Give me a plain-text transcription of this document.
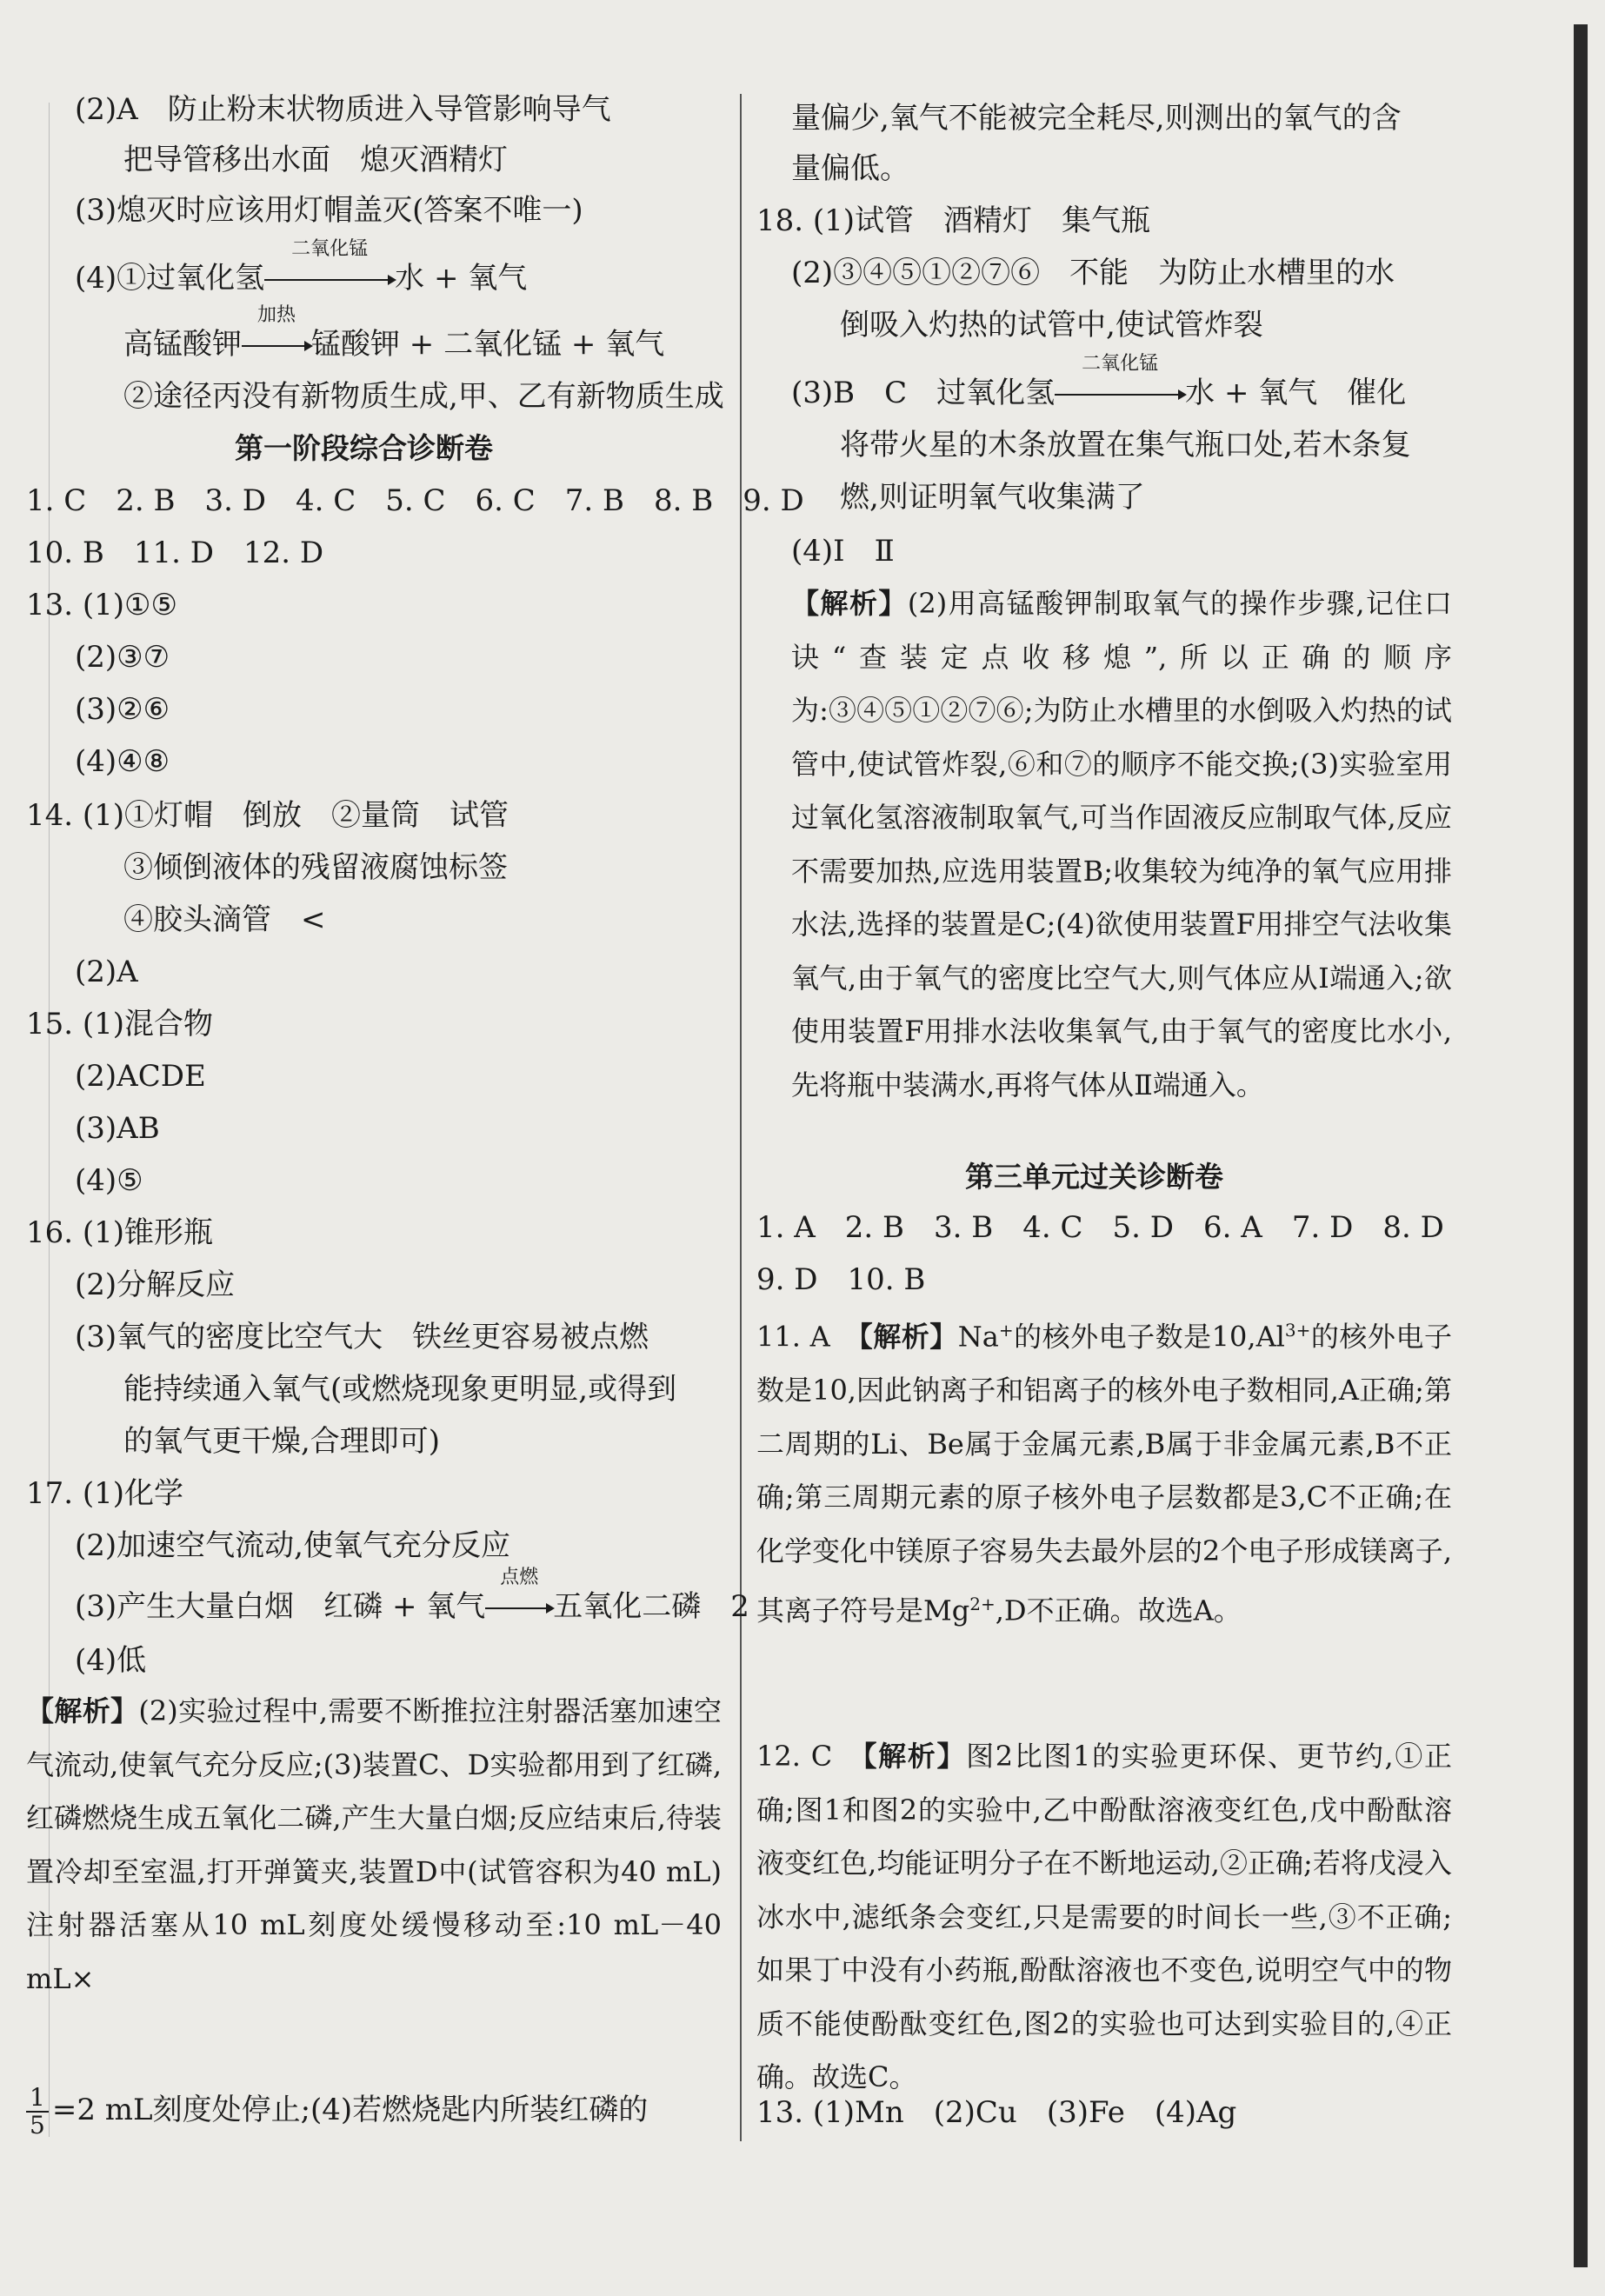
(2)A　防止粉末状物质进入导管影响导气
把导管移出水面　熄灭酒精灯
(3)熄灭时应该用灯帽盖灭(答案不唯一)
(4)①过氧化氢
二氧化锰
水 + 氧气
高锰酸钾
加热
锰酸钾 + 二氧化锰 + 氧气
②途径丙没有新物质生成,甲、乙有新物质生成
第一阶段综合诊断卷
1. C　2. B　3. D　4. C　5. C　6. C　7. B　8. B　9. D
10. B　11. D　12. D
13. (1)①⑤
(2)③⑦
(3)②⑥
(4)④⑧
14. (1)①灯帽　倒放　②量筒　试管
③倾倒液体的残留液腐蚀标签
④胶头滴管　<
(2)A
15. (1)混合物
(2)ACDE
(3)AB
(4)⑤
16. (1)锥形瓶
(2)分解反应
(3)氧气的密度比空气大　铁丝更容易被点燃
能持续通入氧气(或燃烧现象更明显,或得到
的氧气更干燥,合理即可)
17. (1)化学
(2)加速空气流动,使氧气充分反应
(3)产生大量白烟　红磷 + 氧气
点燃
五氧化二磷　2
(4)低
【解析】(2)实验过程中,需要不断推拉注射器活塞加速空气流动,使氧气充分反应;(3)装置C、D实验都用到了红磷,红磷燃烧生成五氧化二磷,产生大量白烟;反应结束后,待装置冷却至室温,打开弹簧夹,装置D中(试管容积为40 mL)注射器活塞从10 mL刻度处缓慢移动至:10 mL－40 mL×
$\frac{1}{5} =2$ mL刻度处停止;(4)若燃烧匙内所装红磷的
量偏少,氧气不能被完全耗尽,则测出的氧气的含
量偏低。
18. (1)试管　酒精灯　集气瓶
(2)③④⑤①②⑦⑥　不能　为防止水槽里的水
倒吸入灼热的试管中,使试管炸裂
(3)B　C　过氧化氢
二氧化锰
水 + 氧气　催化
将带火星的木条放置在集气瓶口处,若木条复
燃,则证明氧气收集满了
(4)Ⅰ　Ⅱ
【解析】(2)用高锰酸钾制取氧气的操作步骤,记住口诀“查装定点收移熄”,所以正确的顺序为:③④⑤①②⑦⑥;为防止水槽里的水倒吸入灼热的试管中,使试管炸裂,⑥和⑦的顺序不能交换;(3)实验室用过氧化氢溶液制取氧气,可当作固液反应制取气体,反应不需要加热,应选用装置B;收集较为纯净的氧气应用排水法,选择的装置是C;(4)欲使用装置F用排空气法收集氧气,由于氧气的密度比空气大,则气体应从Ⅰ端通入;欲使用装置F用排水法收集氧气,由于氧气的密度比水小,先将瓶中装满水,再将气体从Ⅱ端通入。
第三单元过关诊断卷
1. A　2. B　3. B　4. C　5. D　6. A　7. D　8. D
9. D　10. B
11. A　【解析】Na+的核外电子数是$10,Al^{3+}$的核外电子数是10,因此钠离子和铝离子的核外电子数相同,A正确;第二周期的Li、Be属于金属元素,B属于非金属元素,B不正确;第三周期元素的原子核外电子层数都是3,C不正确;在化学变化中镁原子容易失去最外层的2个电子形成镁离子,其离子符号是$Mg^{2+},D$不正确。故选A。
12. C　【解析】图2比图1的实验更环保、更节约,①正确;图1和图2的实验中,乙中酚酞溶液变红色,戊中酚酞溶液变红色,均能证明分子在不断地运动,②正确;若将戊浸入冰水中,滤纸条会变红,只是需要的时间长一些,③不正确;如果丁中没有小药瓶,酚酞溶液也不变色,说明空气中的物质不能使酚酞变红色,图2的实验也可达到实验目的,④正确。故选C。
13. (1)Mn　(2)Cu　(3)Fe　(4)Ag
